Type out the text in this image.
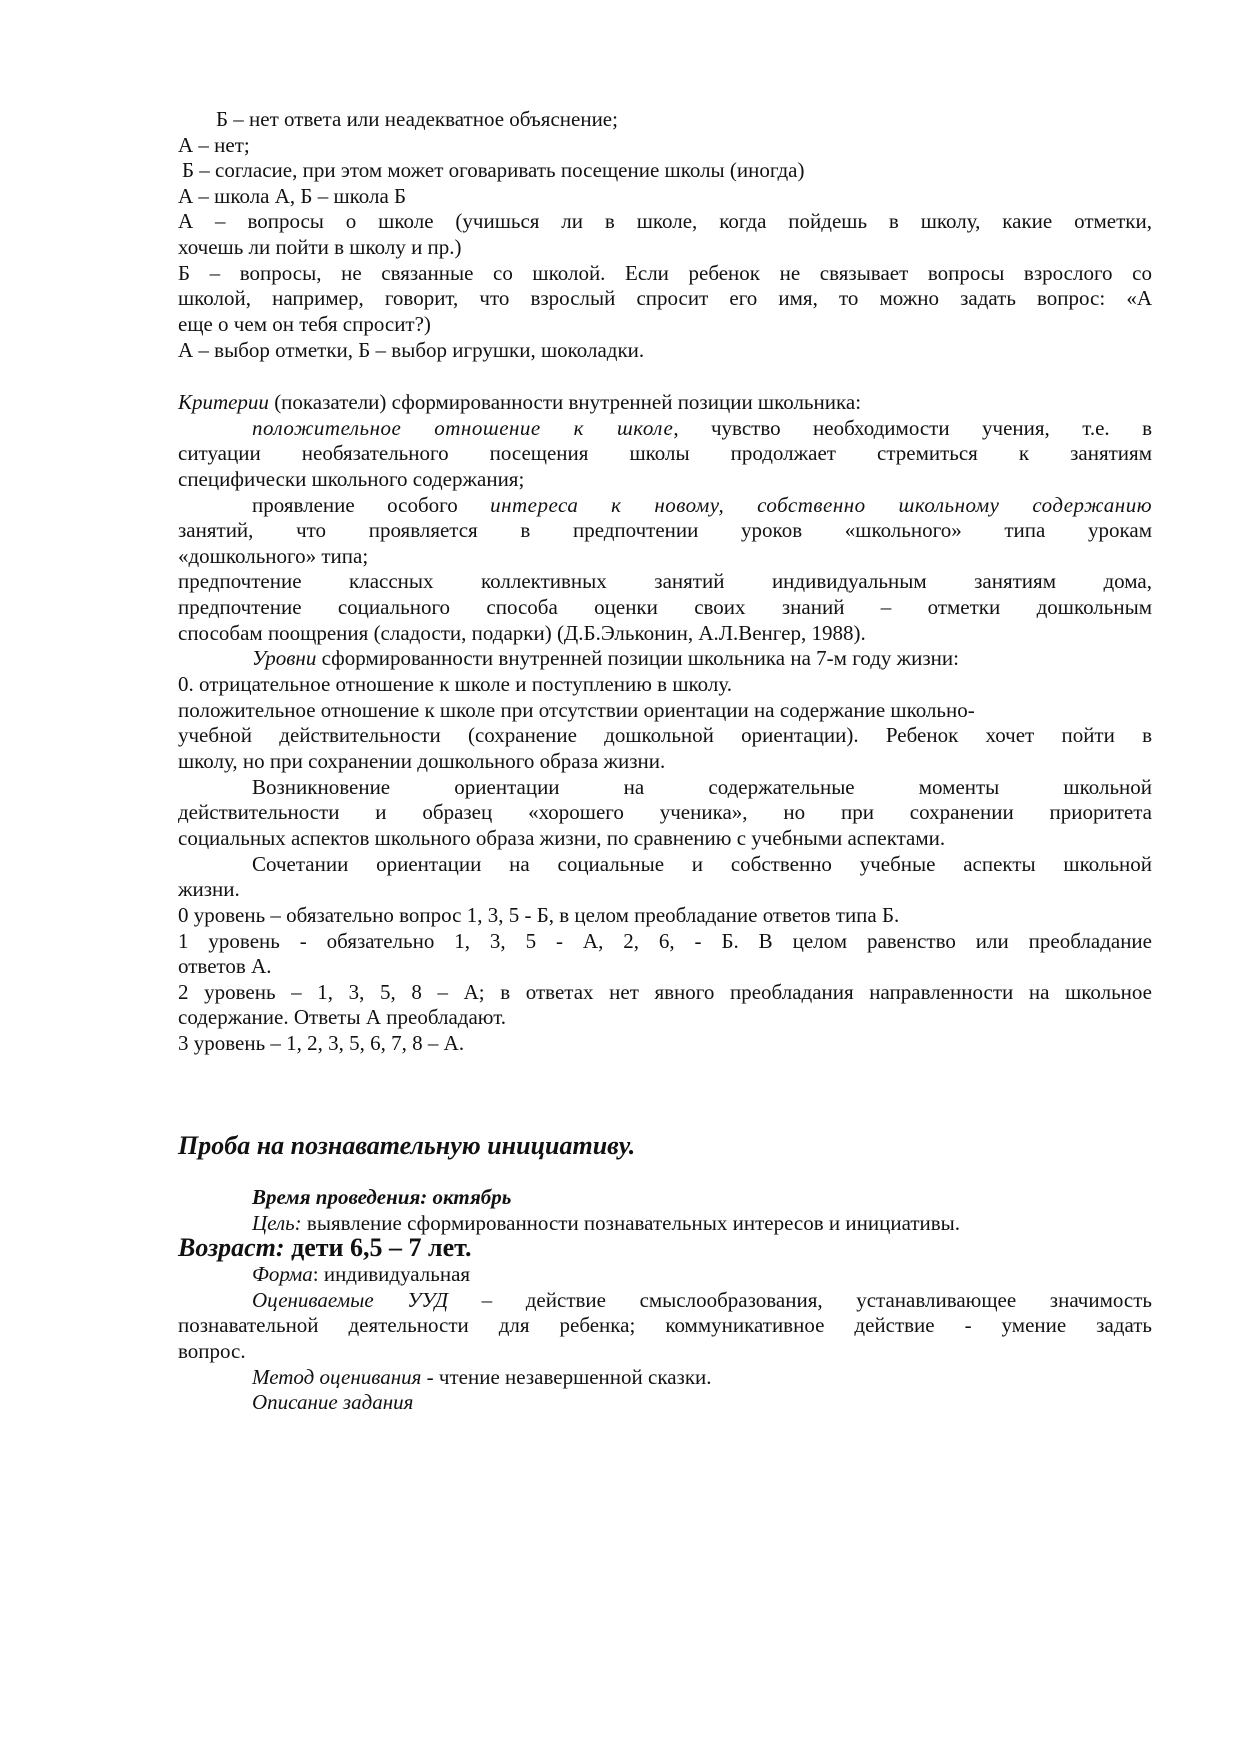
Б – нет ответа или неадекватное объяснение;
А – нет;
Б – согласие, при этом может оговаривать посещение школы (иногда)
А – школа А, Б – школа Б
А – вопросы о школе (учишься ли в школе, когда пойдешь в школу, какие отметки,
хочешь ли пойти в школу и пр.)
Б – вопросы, не связанные со школой. Если ребенок не связывает вопросы взрослого со
школой, например, говорит, что взрослый спросит его имя, то можно задать вопрос: «А
еще о чем он тебя спросит?)
А – выбор отметки, Б – выбор игрушки, шоколадки.
Критерии (показатели) сформированности внутренней позиции школьника:
положительное отношение к школе, чувство необходимости учения, т.е. в
ситуации необязательного посещения школы продолжает стремиться к занятиям
специфически школьного содержания;
проявление особого интереса к новому, собственно школьному содержанию
занятий, что проявляется в предпочтении уроков «школьного» типа урокам
«дошкольного» типа;
предпочтение классных коллективных занятий индивидуальным занятиям дома,
предпочтение социального способа оценки своих знаний – отметки дошкольным
способам поощрения (сладости, подарки) (Д.Б.Эльконин, А.Л.Венгер, 1988).
Уровни сформированности внутренней позиции школьника на 7-м году жизни:
0. отрицательное отношение к школе и поступлению в школу.
положительное отношение к школе при отсутствии ориентации на содержание школьно-
учебной действительности (сохранение дошкольной ориентации). Ребенок хочет пойти в
школу, но при сохранении дошкольного образа жизни.
Возникновение ориентации на содержательные моменты школьной
действительности и образец «хорошего ученика», но при сохранении приоритета
социальных аспектов школьного образа жизни, по сравнению с учебными аспектами.
Сочетании ориентации на социальные и собственно учебные аспекты школьной
жизни.
0 уровень – обязательно вопрос 1, 3, 5 - Б, в целом преобладание ответов типа Б.
1 уровень - обязательно 1, 3, 5 - А, 2, 6, - Б. В целом равенство или преобладание
ответов А.
2 уровень – 1, 3, 5, 8 – А; в ответах нет явного преобладания направленности на школьное
содержание. Ответы А преобладают.
3 уровень – 1, 2, 3, 5, 6, 7, 8 – А.
Проба на познавательную инициативу.
Время проведения: октябрь
Цель: выявление сформированности познавательных интересов и инициативы.
Возраст: дети 6,5 – 7 лет.
Форма: индивидуальная
Оцениваемые УУД – действие смыслообразования, устанавливающее значимость
познавательной деятельности для ребенка; коммуникативное действие - умение задать
вопрос.
Метод оценивания - чтение незавершенной сказки.
Описание задания
